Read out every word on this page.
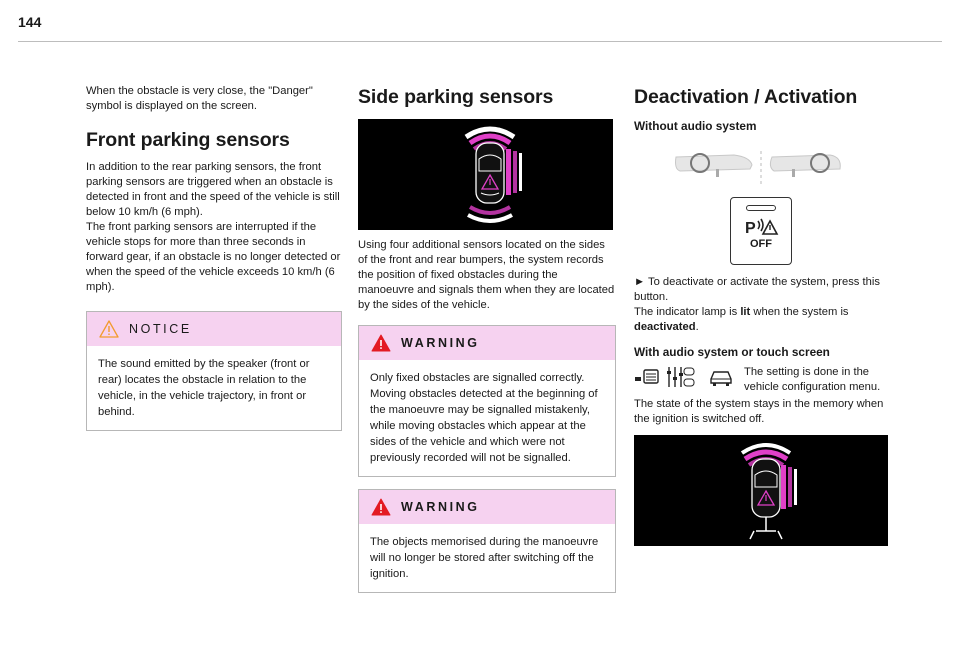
144

When the obstacle is very close, the "Danger" symbol is displayed on the screen.

Front parking sensors

In addition to the rear parking sensors, the front parking sensors are triggered when an obstacle is detected in front and the speed of the vehicle is still below 10 km/h (6 mph).

The front parking sensors are interrupted if the vehicle stops for more than three seconds in forward gear, if an obstacle is no longer detected or when the speed of the vehicle exceeds 10 km/h (6 mph).

NOTICE

The sound emitted by the speaker (front or rear) locates the obstacle in relation to the vehicle, in the vehicle trajectory, in front or behind.

Side parking sensors

Using four additional sensors located on the sides of the front and rear bumpers, the system records the position of fixed obstacles during the manoeuvre and signals them when they are located by the sides of the vehicle.

WARNING

Only fixed obstacles are signalled correctly. Moving obstacles detected at the beginning of the manoeuvre may be signalled mistakenly, while moving obstacles which appear at the sides of the vehicle and which were not previously recorded will not be signalled.

WARNING

The objects memorised during the manoeuvre will no longer be stored after switching off the ignition.

Deactivation / Activation
Without audio system
P
OFF

► To deactivate or activate the system, press this button.

The indicator lamp is lit when the system is deactivated.

With audio system or touch screen

The setting is done in the vehicle configuration menu.

The state of the system stays in the memory when the ignition is switched off.
